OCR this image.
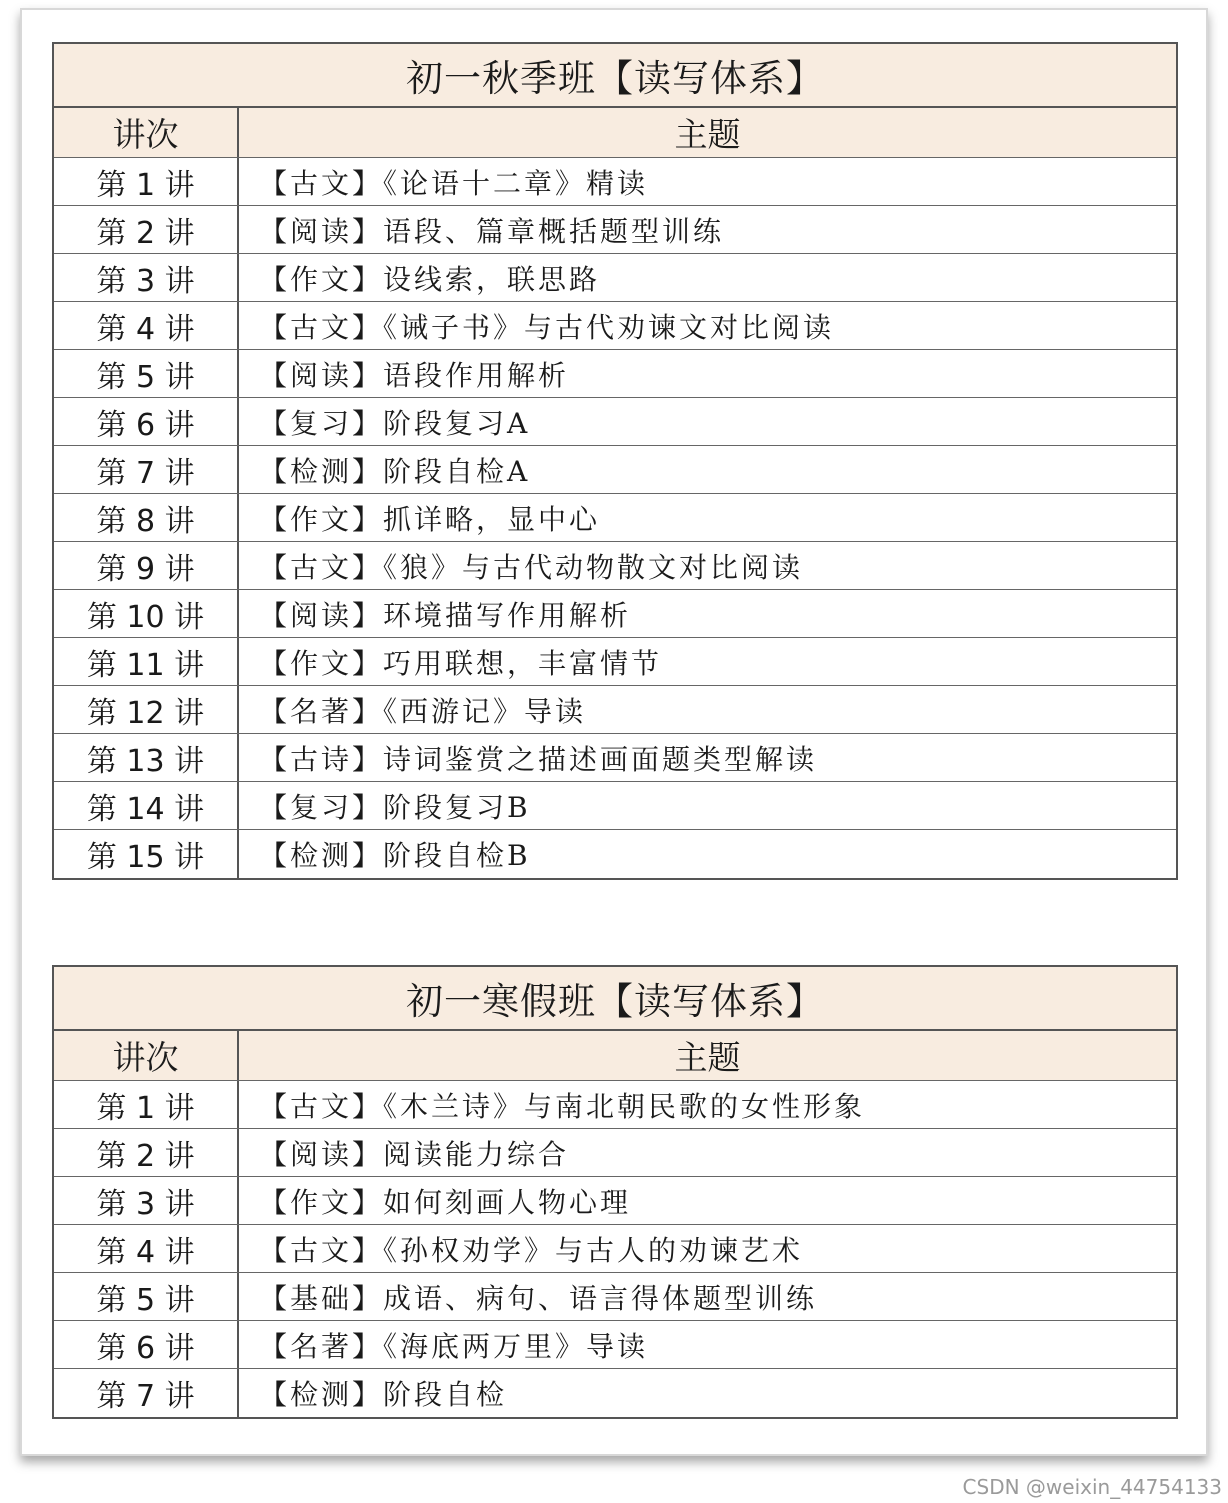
初一秋季班【读写体系】
讲次	主题
第 1 讲	【古文】《论语十二章》精读
第 2 讲	【阅读】语段、篇章概括题型训练
第 3 讲	【作文】设线索，联思路
第 4 讲	【古文】《诫子书》与古代劝谏文对比阅读
第 5 讲	【阅读】语段作用解析
第 6 讲	【复习】阶段复习A
第 7 讲	【检测】阶段自检A
第 8 讲	【作文】抓详略，显中心
第 9 讲	【古文】《狼》与古代动物散文对比阅读
第 10 讲	【阅读】环境描写作用解析
第 11 讲	【作文】巧用联想，丰富情节
第 12 讲	【名著】《西游记》导读
第 13 讲	【古诗】诗词鉴赏之描述画面题类型解读
第 14 讲	【复习】阶段复习B
第 15 讲	【检测】阶段自检B
初一寒假班【读写体系】
讲次	主题
第 1 讲	【古文】《木兰诗》与南北朝民歌的女性形象
第 2 讲	【阅读】阅读能力综合
第 3 讲	【作文】如何刻画人物心理
第 4 讲	【古文】《孙权劝学》与古人的劝谏艺术
第 5 讲	【基础】成语、病句、语言得体题型训练
第 6 讲	【名著】《海底两万里》导读
第 7 讲	【检测】阶段自检
CSDN @weixin_44754133
